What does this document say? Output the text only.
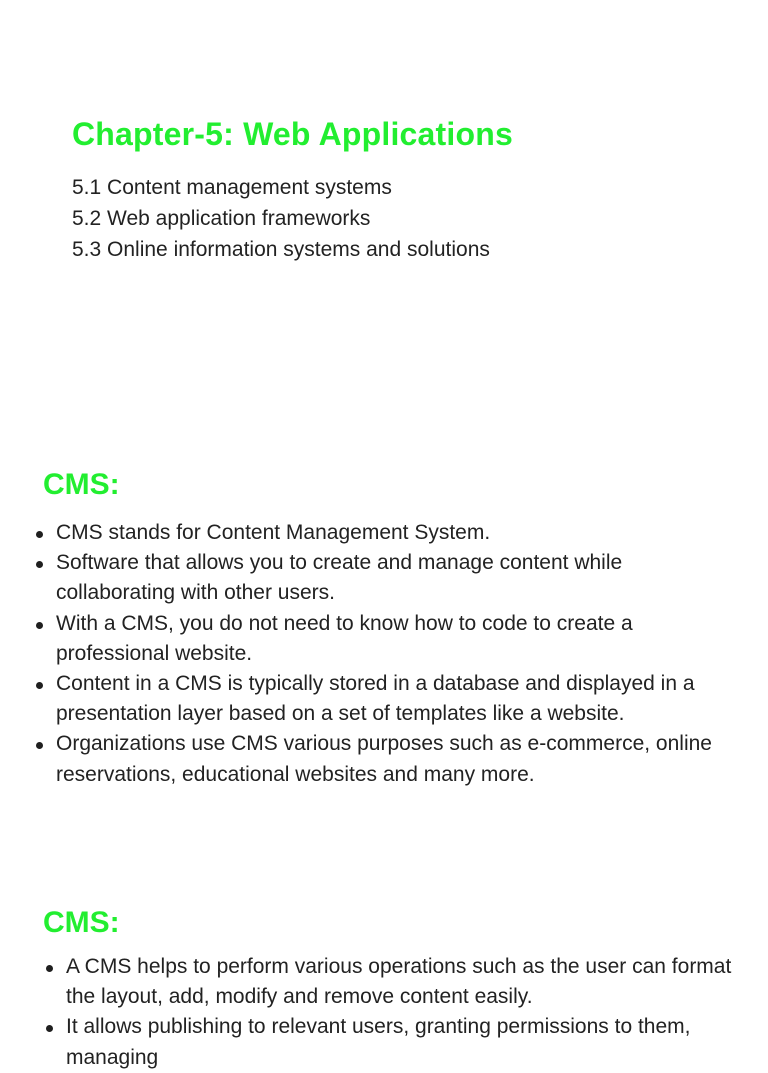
Chapter-5: Web Applications
5.1 Content management systems
5.2 Web application frameworks
5.3 Online information systems and solutions
CMS:
CMS stands for Content Management System.
Software that allows you to create and manage content while collaborating with other users.
With a CMS, you do not need to know how to code to create a professional website.
Content in a CMS is typically stored in a database and displayed in a presentation layer based on a set of templates like a website.
Organizations use CMS various purposes such as e-commerce, online reservations, educational websites and many more.
CMS:
A CMS helps to perform various operations such as the user can format the layout, add, modify and remove content easily.
It allows publishing to relevant users, granting permissions to them, managing
